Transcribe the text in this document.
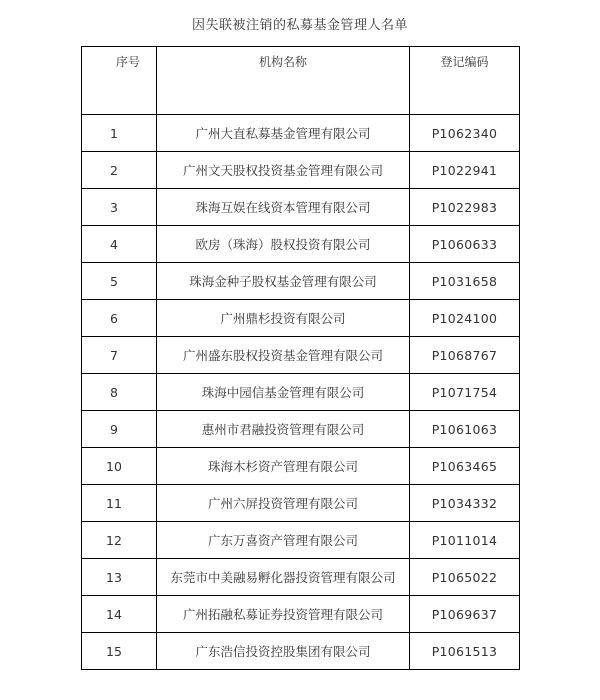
因失联被注销的私募基金管理人名单
序号	机构名称	登记编码
1	广州大直私募基金管理有限公司	P1062340
2	广州文天股权投资基金管理有限公司	P1022941
3	珠海互娱在线资本管理有限公司	P1022983
4	欧房（珠海）股权投资有限公司	P1060633
5	珠海金种子股权基金管理有限公司	P1031658
6	广州鼎杉投资有限公司	P1024100
7	广州盛东股权投资基金管理有限公司	P1068767
8	珠海中园信基金管理有限公司	P1071754
9	惠州市君融投资管理有限公司	P1061063
10	珠海木杉资产管理有限公司	P1063465
11	广州六屏投资管理有限公司	P1034332
12	广东万喜资产管理有限公司	P1011014
13	东莞市中美融易孵化器投资管理有限公司	P1065022
14	广州拓融私募证券投资管理有限公司	P1069637
15	广东浩信投资控股集团有限公司	P1061513
